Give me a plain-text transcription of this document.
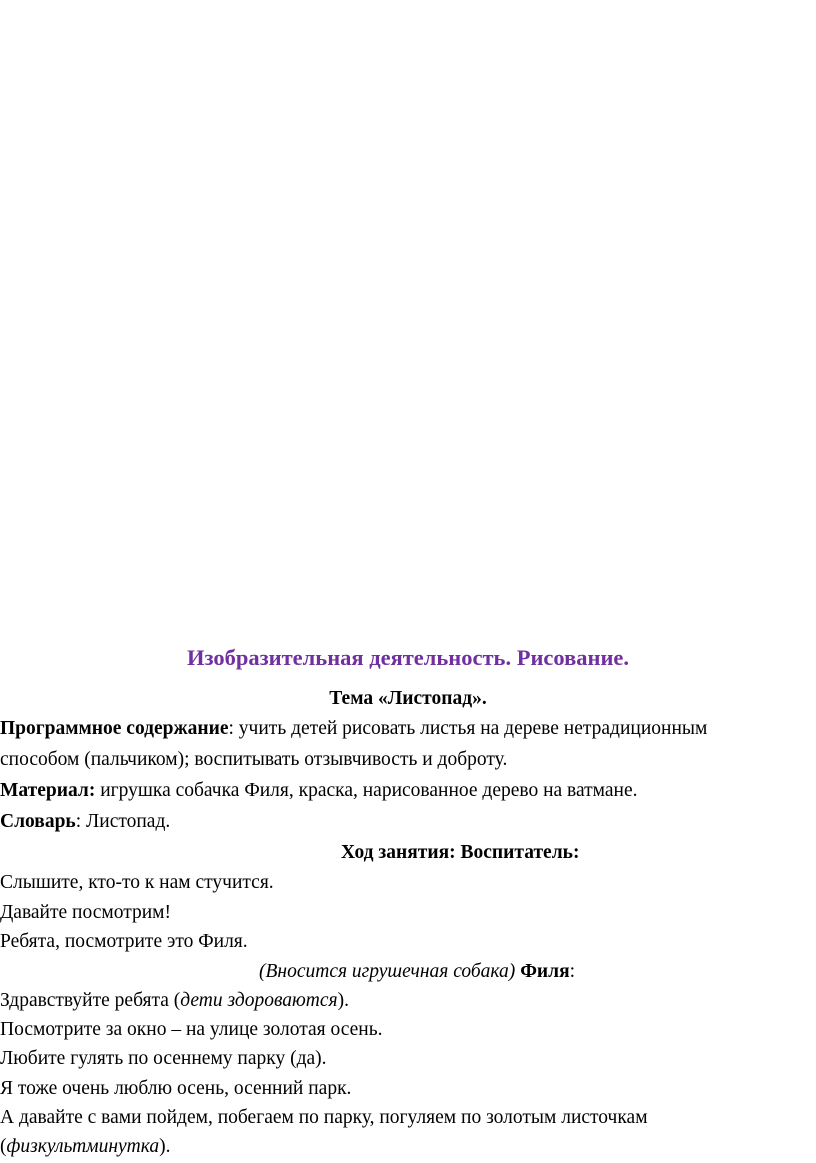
Изобразительная деятельность. Рисование.
Тема «Листопад».
Программное содержание: учить детей рисовать листья на дереве нетрадиционным
способом (пальчиком); воспитывать отзывчивость и доброту.
Материал: игрушка собачка Филя, краска, нарисованное дерево на ватмане.
Словарь: Листопад.
Ход занятия: Воспитатель:
Слышите, кто-то к нам стучится.
Давайте посмотрим!
Ребята, посмотрите это Филя.
(Вносится игрушечная собака) Филя:
Здравствуйте ребята (дети здороваются).
Посмотрите за окно – на улице золотая осень.
Любите гулять по осеннему парку (да).
Я тоже очень люблю осень, осенний парк.
А давайте с вами пойдем, побегаем по парку, погуляем по золотым листочкам
(физкультминутка).
